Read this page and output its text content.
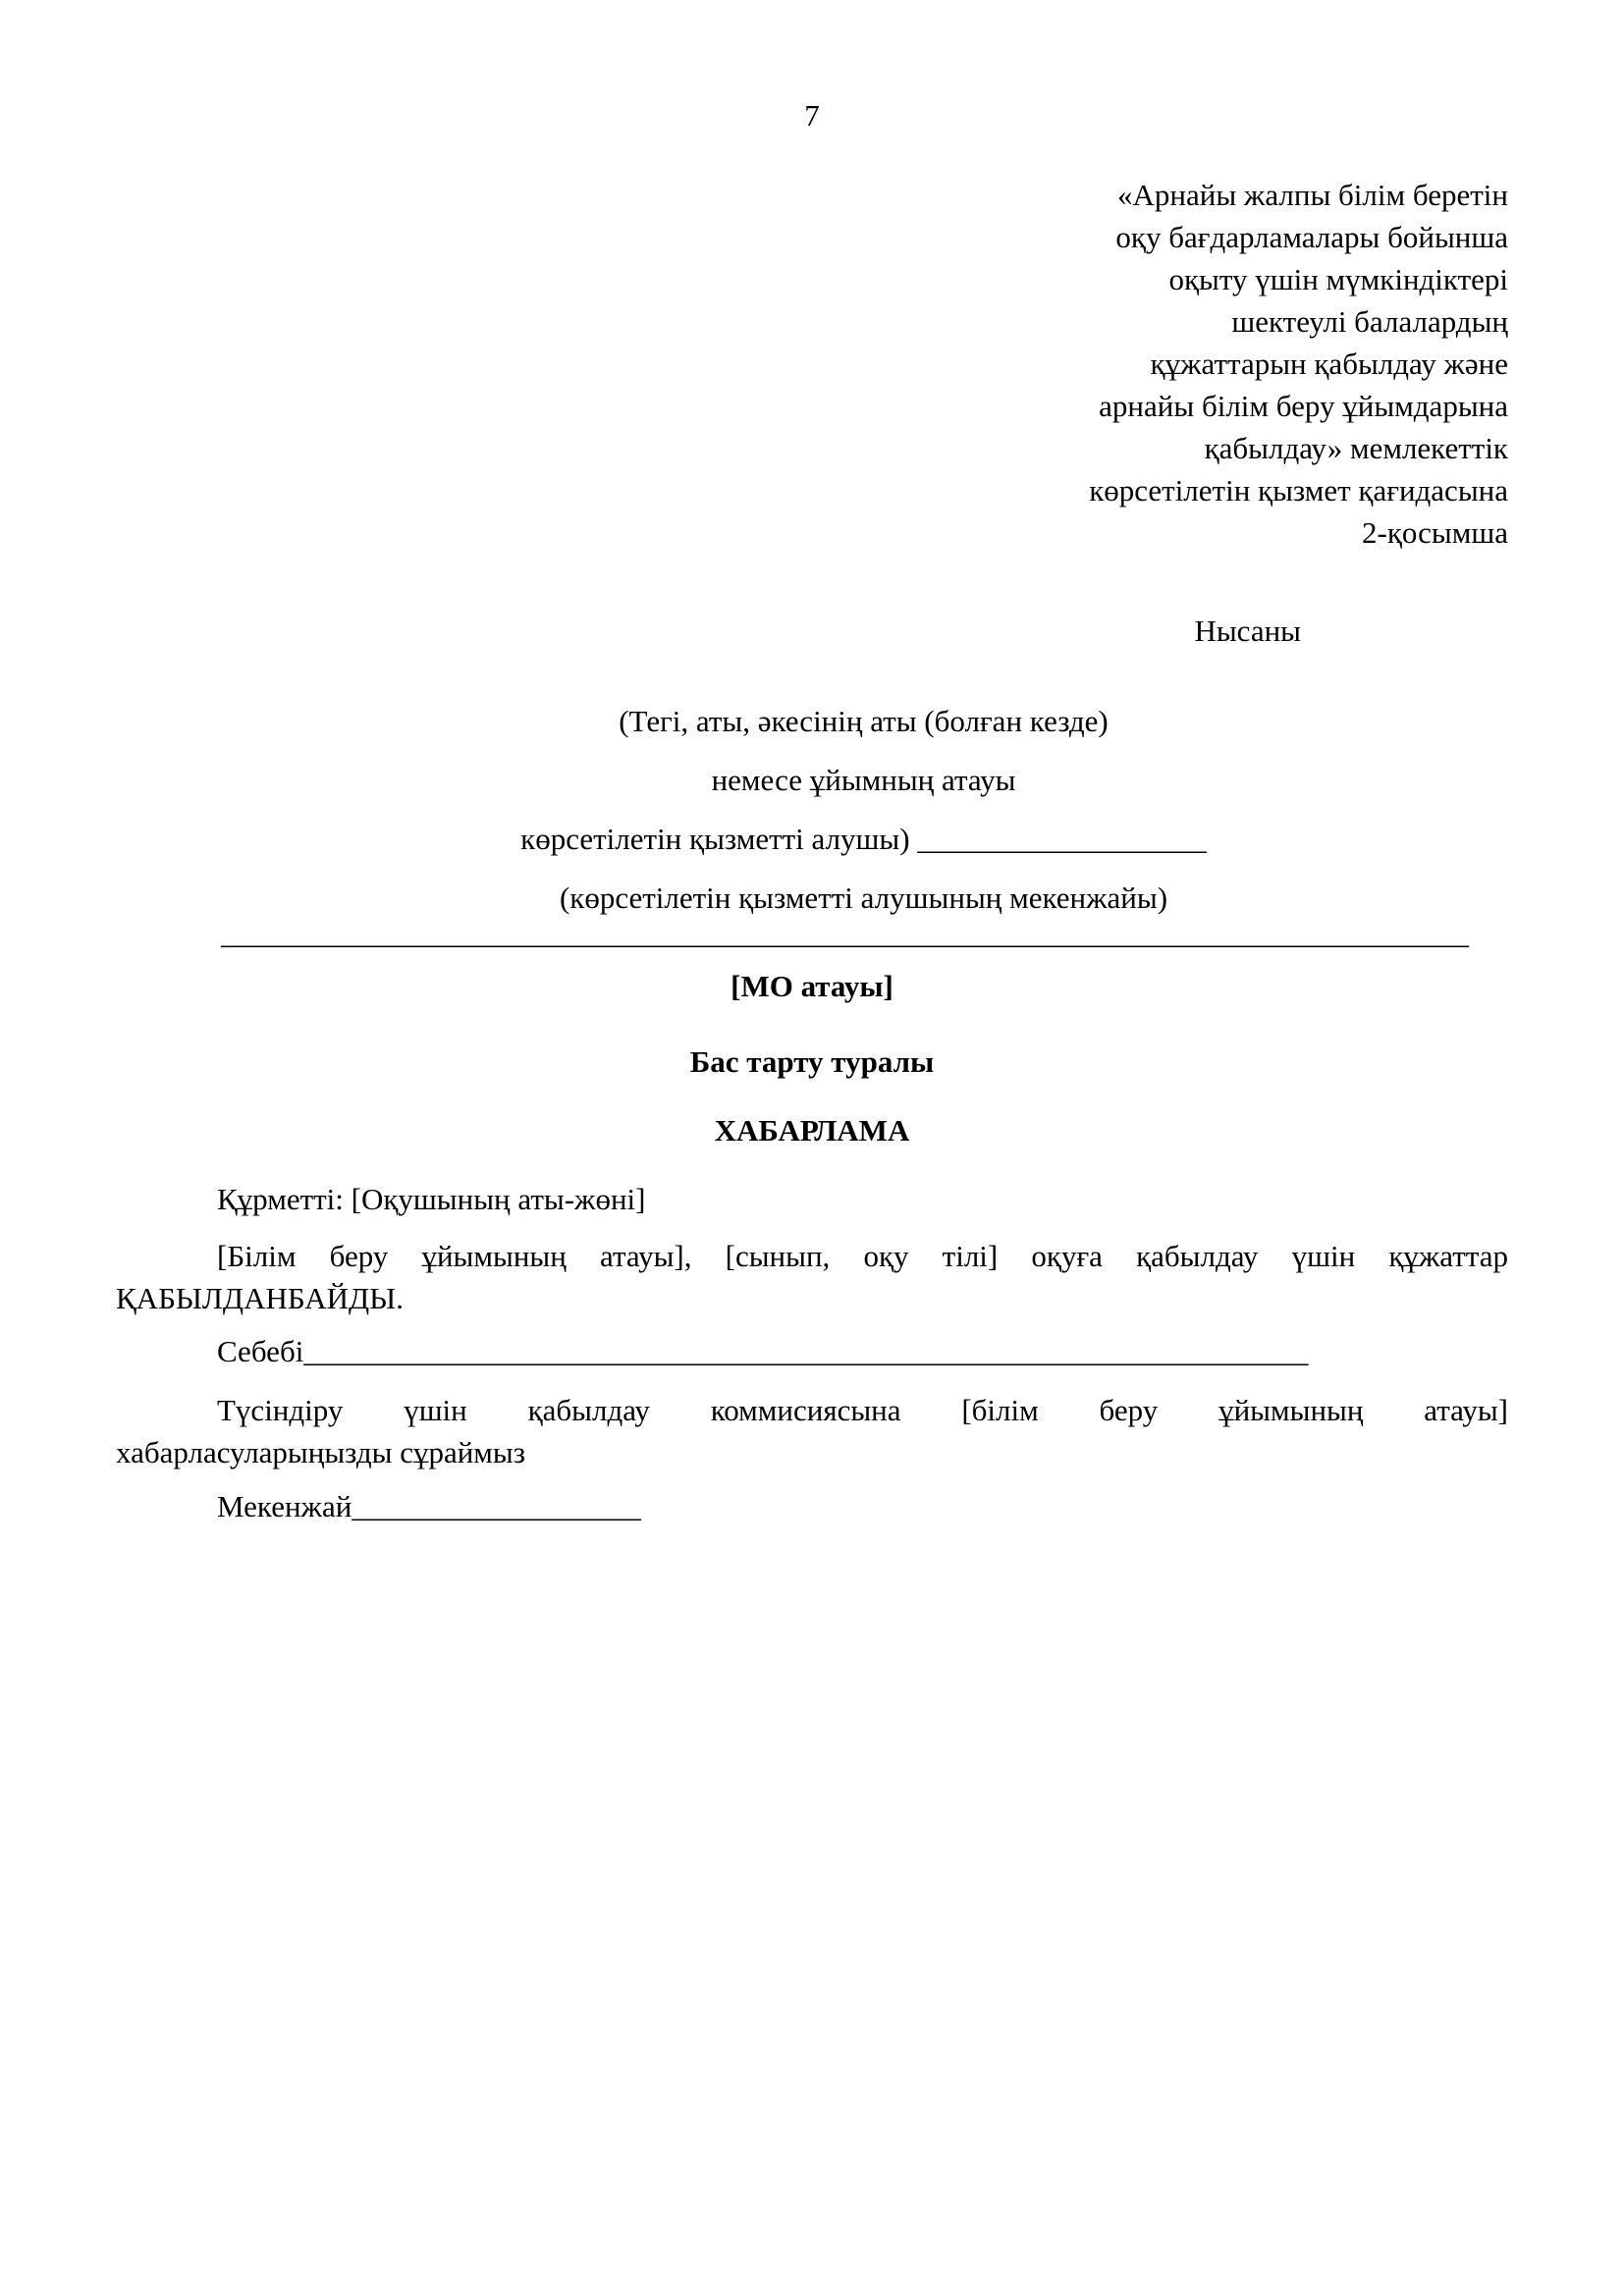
7
«Арнайы жалпы білім беретін
оқу бағдарламалары бойынша
оқыту үшін мүмкіндіктері
шектеулі балалардың
құжаттарын қабылдау және
арнайы білім беру ұйымдарына
қабылдау» мемлекеттік
көрсетілетін қызмет қағидасына
2-қосымша
Нысаны
(Тегі, аты, әкесінің аты (болған кезде)
немесе ұйымның атауы
көрсетілетін қызметті алушы) ___________________
(көрсетілетін қызметті алушының мекенжайы)
__________________________________________________________________________________
[МО атауы]
Бас тарту туралы
ХАБАРЛАМА
Құрметті: [Оқушының аты-жөні]
[Білім беру ұйымының атауы], [сынып, оқу тілі] оқуға қабылдау үшін құжаттар
ҚАБЫЛДАНБАЙДЫ.
Себебі__________________________________________________________________
Түсіндіру үшін қабылдау коммисиясына [білім беру ұйымының атауы]
хабарласуларыңызды сұраймыз
Мекенжай___________________
